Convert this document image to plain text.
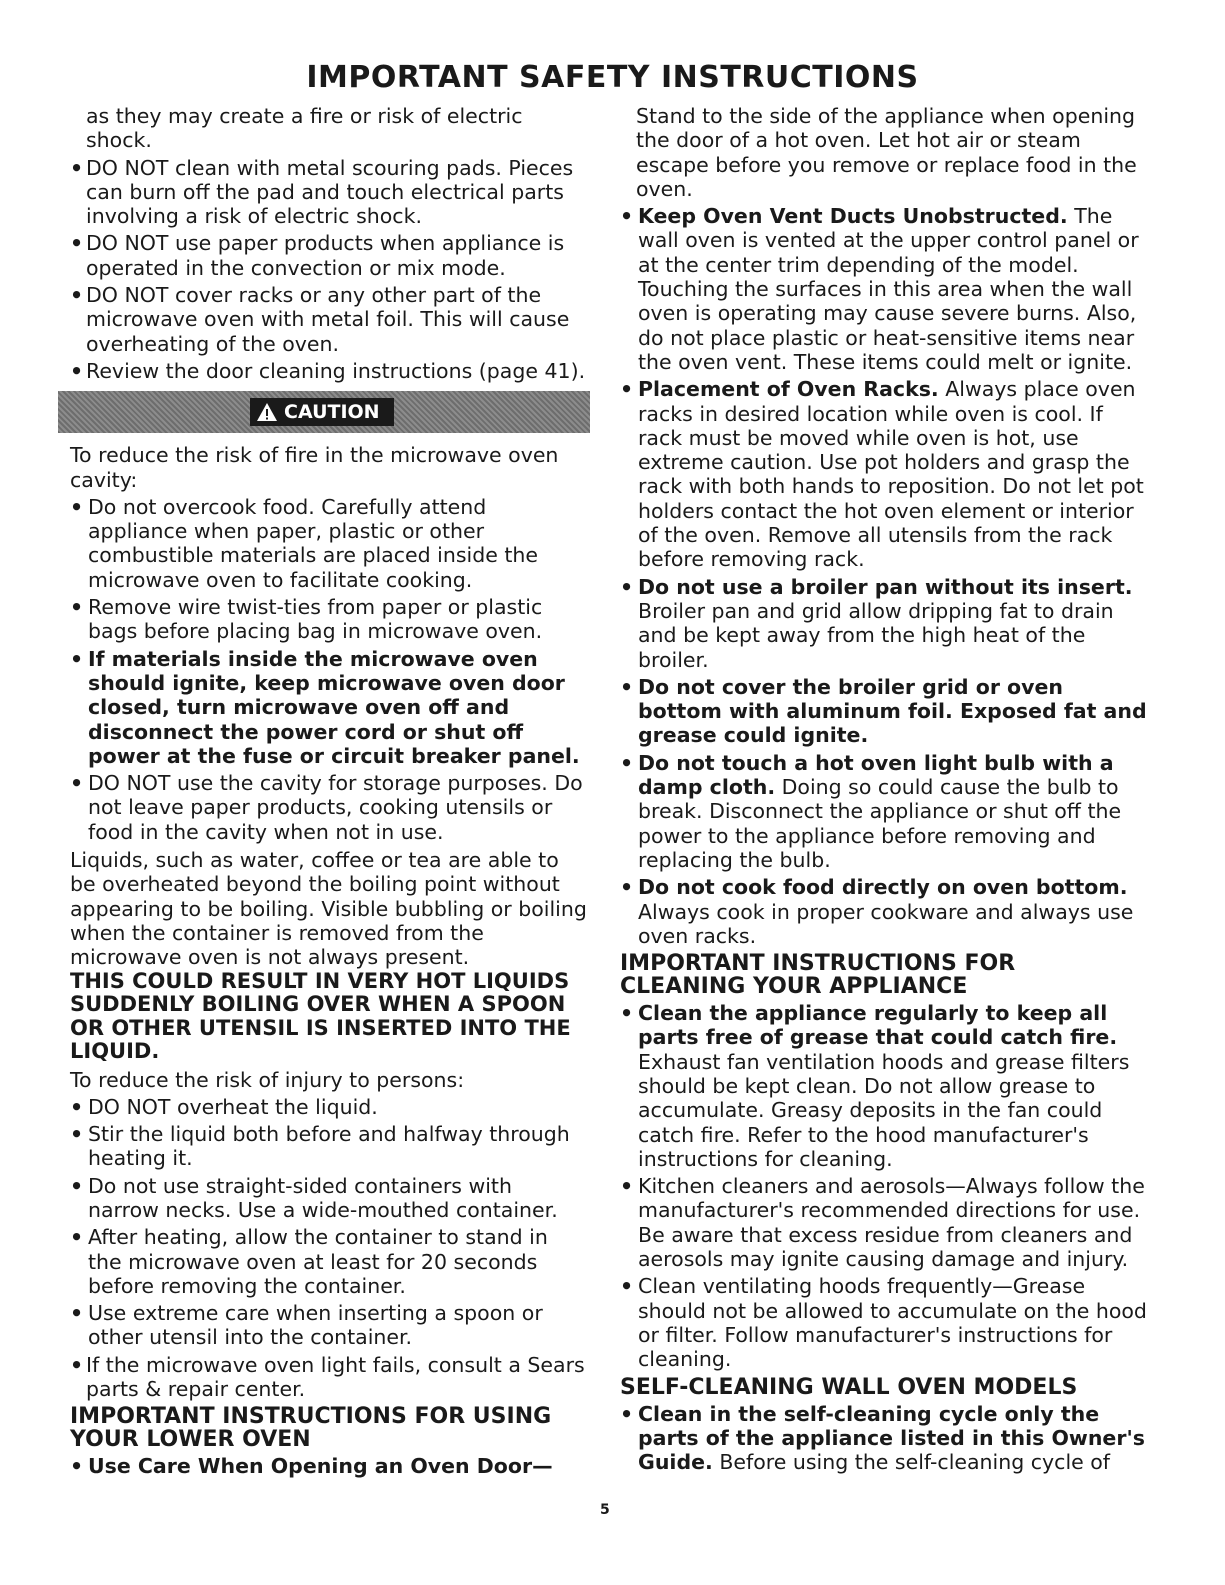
IMPORTANT SAFETY INSTRUCTIONS

as they may create a fire or risk of electric shock.

• DO NOT clean with metal scouring pads. Pieces can burn off the pad and touch electrical parts involving a risk of electric shock.
• DO NOT use paper products when appliance is operated in the convection or mix mode.
• DO NOT cover racks or any other part of the microwave oven with metal foil. This will cause overheating of the oven.
• Review the door cleaning instructions (page 41).
CAUTION

To reduce the risk of fire in the microwave oven cavity:

• Do not overcook food. Carefully attend appliance when paper, plastic or other combustible materials are placed inside the microwave oven to facilitate cooking.
• Remove wire twist-ties from paper or plastic bags before placing bag in microwave oven.
• If materials inside the microwave oven should ignite, keep microwave oven door closed, turn microwave oven off and disconnect the power cord or shut off power at the fuse or circuit breaker panel.
• DO NOT use the cavity for storage purposes. Do not leave paper products, cooking utensils or food in the cavity when not in use.

Liquids, such as water, coffee or tea are able to be overheated beyond the boiling point without appearing to be boiling. Visible bubbling or boiling when the container is removed from the microwave oven is not always present.

THIS COULD RESULT IN VERY HOT LIQUIDS SUDDENLY BOILING OVER WHEN A SPOON OR OTHER UTENSIL IS INSERTED INTO THE LIQUID.

To reduce the risk of injury to persons:

• DO NOT overheat the liquid.
• Stir the liquid both before and halfway through heating it.
• Do not use straight-sided containers with narrow necks. Use a wide-mouthed container.
• After heating, allow the container to stand in the microwave oven at least for 20 seconds before removing the container.
• Use extreme care when inserting a spoon or other utensil into the container.
• If the microwave oven light fails, consult a Sears parts & repair center.

IMPORTANT INSTRUCTIONS FOR USING YOUR LOWER OVEN

• Use Care When Opening an Oven Door—

Stand to the side of the appliance when opening the door of a hot oven. Let hot air or steam escape before you remove or replace food in the oven.

• Keep Oven Vent Ducts Unobstructed. The wall oven is vented at the upper control panel or at the center trim depending of the model. Touching the surfaces in this area when the wall oven is operating may cause severe burns. Also, do not place plastic or heat-sensitive items near the oven vent. These items could melt or ignite.
• Placement of Oven Racks. Always place oven racks in desired location while oven is cool. If rack must be moved while oven is hot, use extreme caution. Use pot holders and grasp the rack with both hands to reposition. Do not let pot holders contact the hot oven element or interior of the oven. Remove all utensils from the rack before removing rack.
• Do not use a broiler pan without its insert. Broiler pan and grid allow dripping fat to drain and be kept away from the high heat of the broiler.
• Do not cover the broiler grid or oven bottom with aluminum foil. Exposed fat and grease could ignite.
• Do not touch a hot oven light bulb with a damp cloth. Doing so could cause the bulb to break. Disconnect the appliance or shut off the power to the appliance before removing and replacing the bulb.
• Do not cook food directly on oven bottom. Always cook in proper cookware and always use oven racks.

IMPORTANT INSTRUCTIONS FOR CLEANING YOUR APPLIANCE

• Clean the appliance regularly to keep all parts free of grease that could catch fire. Exhaust fan ventilation hoods and grease filters should be kept clean. Do not allow grease to accumulate. Greasy deposits in the fan could catch fire. Refer to the hood manufacturer's instructions for cleaning.
• Kitchen cleaners and aerosols—Always follow the manufacturer's recommended directions for use. Be aware that excess residue from cleaners and aerosols may ignite causing damage and injury.
• Clean ventilating hoods frequently—Grease should not be allowed to accumulate on the hood or filter. Follow manufacturer's instructions for cleaning.

SELF-CLEANING WALL OVEN MODELS

• Clean in the self-cleaning cycle only the parts of the appliance listed in this Owner's Guide. Before using the self-cleaning cycle of
5
